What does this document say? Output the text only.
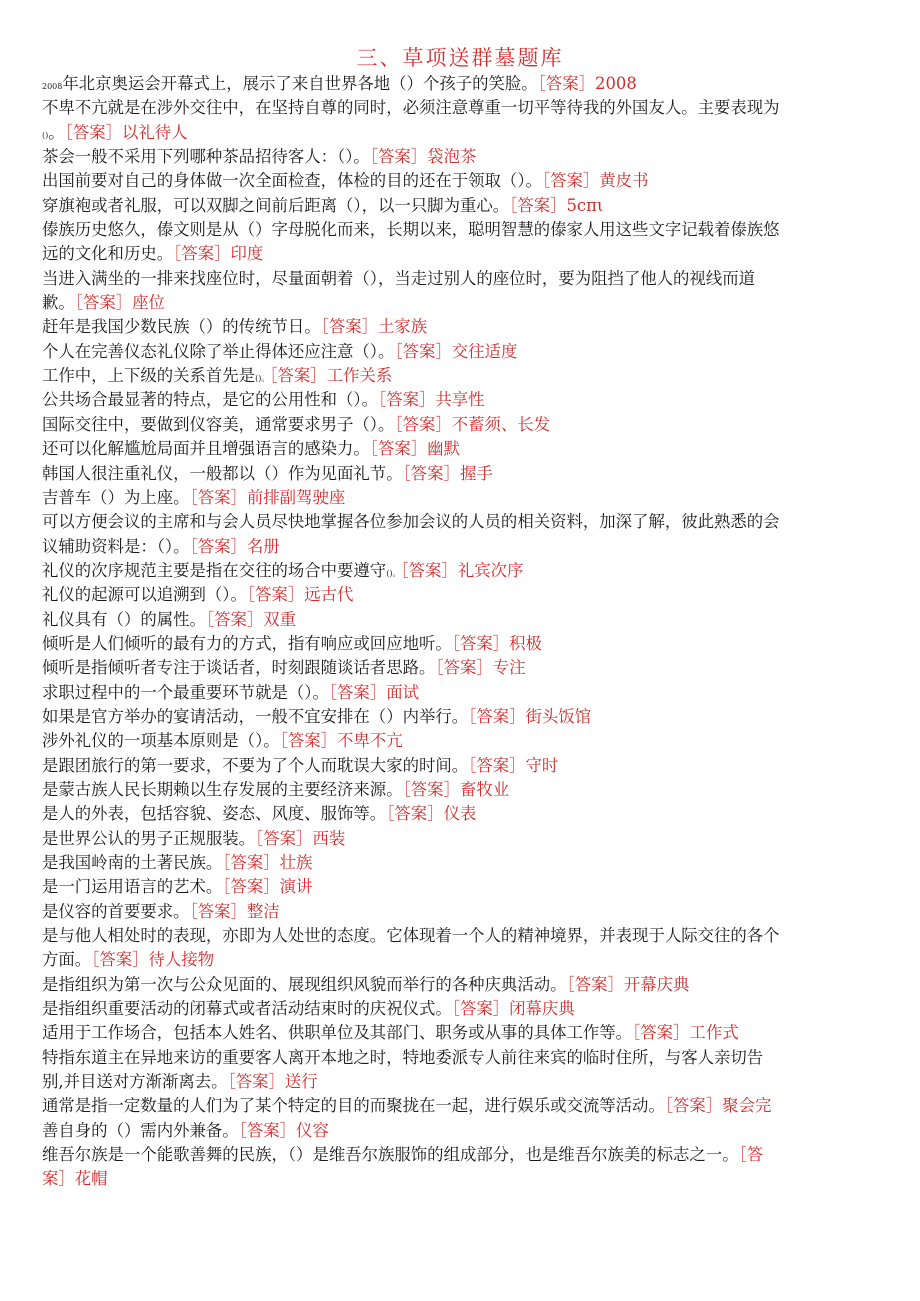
三、草项送群墓题库
2008年北京奥运会开幕式上，展示了来自世界各地（）个孩子的笑脸。［答案］2008
不卑不亢就是在涉外交往中，在坚持自尊的同时，必须注意尊重一切平等待我的外国友人。主要表现为
()。［答案］以礼待人
茶会一般不采用下列哪种茶品招待客人：（）。［答案］袋泡茶
出国前要对自己的身体做一次全面检查，体检的目的还在于领取（）。［答案］黄皮书
穿旗袍或者礼服，可以双脚之间前后距离（），以一只脚为重心。［答案］5cπι
傣族历史悠久，傣文则是从（）字母脱化而来，长期以来，聪明智慧的傣家人用这些文字记载着傣族悠
远的文化和历史。［答案］印度
当进入满坐的一排来找座位时，尽量面朝着（），当走过别人的座位时，要为阻挡了他人的视线而道
歉。［答案］座位
赶年是我国少数民族（）的传统节日。［答案］土家族
个人在完善仪态礼仪除了举止得体还应注意（）。［答案］交往适度
工作中，上下级的关系首先是()。［答案］工作关系
公共场合最显著的特点，是它的公用性和（）。［答案］共享性
国际交往中，要做到仪容美，通常要求男子（）。［答案］不蓄须、长发
还可以化解尴尬局面并且增强语言的感染力。［答案］幽默
韩国人很注重礼仪，一般都以（）作为见面礼节。［答案］握手
吉普车（）为上座。［答案］前排副驾驶座
可以方便会议的主席和与会人员尽快地掌握各位参加会议的人员的相关资料，加深了解，彼此熟悉的会
议辅助资料是：（）。［答案］名册
礼仪的次序规范主要是指在交往的场合中要遵守()。［答案］礼宾次序
礼仪的起源可以追溯到（）。［答案］远古代
礼仪具有（）的属性。［答案］双重
倾听是人们倾听的最有力的方式，指有响应或回应地听。［答案］积极
倾听是指倾听者专注于谈话者，时刻跟随谈话者思路。［答案］专注
求职过程中的一个最重要环节就是（）。［答案］面试
如果是官方举办的宴请活动，一般不宜安排在（）内举行。［答案］街头饭馆
涉外礼仪的一项基本原则是（）。［答案］不卑不亢
是跟团旅行的第一要求，不要为了个人而耽误大家的时间。［答案］守时
是蒙古族人民长期赖以生存发展的主要经济来源。［答案］畜牧业
是人的外表，包括容貌、姿态、风度、服饰等。［答案］仪表
是世界公认的男子正规服装。［答案］西装
是我国岭南的土著民族。［答案］壮族
是一门运用语言的艺术。［答案］演讲
是仪容的首要要求。［答案］整洁
是与他人相处时的表现，亦即为人处世的态度。它体现着一个人的精神境界，并表现于人际交往的各个
方面。［答案］待人接物
是指组织为第一次与公众见面的、展现组织风貌而举行的各种庆典活动。［答案］开幕庆典
是指组织重要活动的闭幕式或者活动结束时的庆祝仪式。［答案］闭幕庆典
适用于工作场合，包括本人姓名、供职单位及其部门、职务或从事的具体工作等。［答案］工作式
特指东道主在异地来访的重要客人离开本地之时，特地委派专人前往来宾的临时住所，与客人亲切告
别,并目送对方渐渐离去。［答案］送行
通常是指一定数量的人们为了某个特定的目的而聚拢在一起，进行娱乐或交流等活动。［答案］聚会完
善自身的（）需内外兼备。［答案］仪容
维吾尔族是一个能歌善舞的民族，（）是维吾尔族服饰的组成部分，也是维吾尔族美的标志之一。［答
案］花帽
